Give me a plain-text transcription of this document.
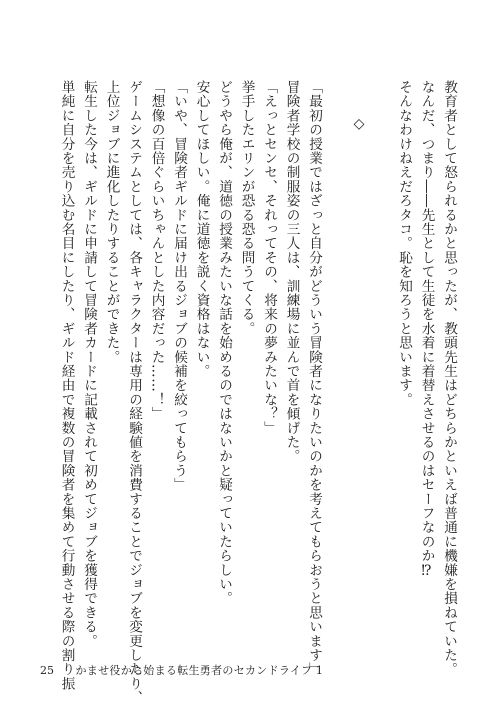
教育者として怒られるかと思ったが、教頭先生はどちらかといえば普通に機嫌を損ねていた。
なんだ、つまり――先生として生徒を水着に着替えさせるのはセーフなのか⁉
そんなわけねえだろタコ。恥を知ろうと思います。
◇
「最初の授業ではざっと自分がどういう冒険者になりたいのかを考えてもらおうと思います」
冒険者学校の制服姿の三人は、訓練場に並んで首を傾げた。
「えっとセンセ、それってその、将来の夢みたいな？」
挙手したエリンが恐る恐る問うてくる。
どうやら俺が、道徳の授業みたいな話を始めるのではないかと疑っていたらしい。
安心してほしい。俺に道徳を説く資格はない。
「いや、冒険者ギルドに届け出るジョブの候補を絞ってもらう」
「想像の百倍ぐらいちゃんとした内容だった……！」
ゲームシステムとしては、各キャラクターは専用の経験値を消費することでジョブを変更したり、
上位ジョブに進化したりすることができた。
転生した今は、ギルドに申請して冒険者カードに記載されて初めてジョブを獲得できる。
単純に自分を売り込む名目にしたり、ギルド経由で複数の冒険者を集めて行動させる際の割り振
25 かませ役から始まる転生勇者のセカンドライフ 1
